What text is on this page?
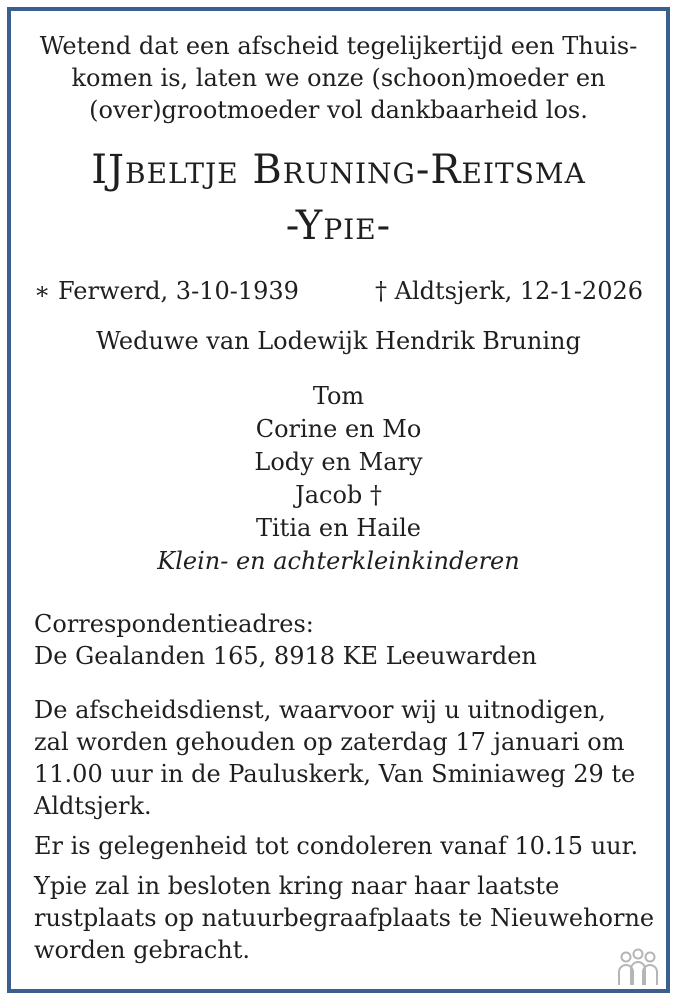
Wetend dat een afscheid tegelijkertijd een Thuis-
komen is, laten we onze (schoon)moeder en
(over)grootmoeder vol dankbaarheid los.
IJbeltje Bruning-Reitsma
-Ypie-
∗ Ferwerd, 3-10-1939	† Aldtsjerk, 12-1-2026
Weduwe van Lodewijk Hendrik Bruning
Tom
Corine en Mo
Lody en Mary
Jacob †
Titia en Haile
Klein- en achterkleinkinderen
Correspondentieadres:
De Gealanden 165, 8918 KE Leeuwarden
De afscheidsdienst, waarvoor wij u uitnodigen,
zal worden gehouden op zaterdag 17 januari om
11.00 uur in de Pauluskerk, Van Sminiaweg 29 te
Aldtsjerk.
Er is gelegenheid tot condoleren vanaf 10.15 uur.
Ypie zal in besloten kring naar haar laatste
rustplaats op natuurbegraafplaats te Nieuwehorne
worden gebracht.
